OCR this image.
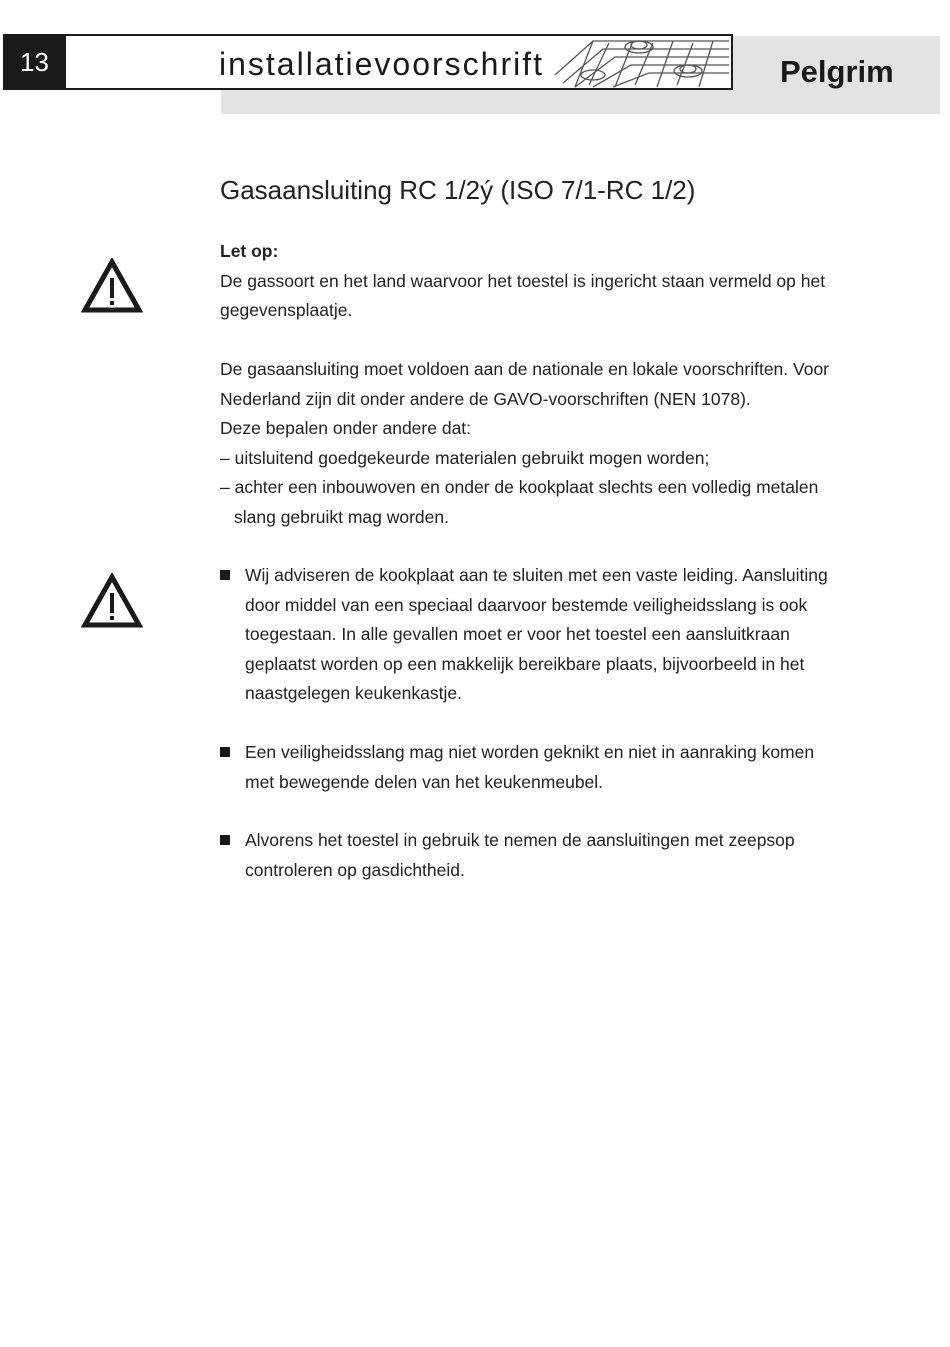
13	installatievoorschrift	Pelgrim
Gasaansluiting RC 1/2ý (ISO 7/1-RC 1/2)

Let op:

De gassoort en het land waarvoor het toestel is ingericht staan vermeld op het

gegevensplaatje.

De gasaansluiting moet voldoen aan de nationale en lokale voorschriften. Voor

Nederland zijn dit onder andere de GAVO-voorschriften (NEN 1078).

Deze bepalen onder andere dat:

– uitsluitend goedgekeurde materialen gebruikt mogen worden;

– achter een inbouwoven en onder de kookplaat slechts een volledig metalen

slang gebruikt mag worden.

Wij adviseren de kookplaat aan te sluiten met een vaste leiding. Aansluiting

door middel van een speciaal daarvoor bestemde veiligheidsslang is ook

toegestaan. In alle gevallen moet er voor het toestel een aansluitkraan

geplaatst worden op een makkelijk bereikbare plaats, bijvoorbeeld in het

naastgelegen keukenkastje.

Een veiligheidsslang mag niet worden geknikt en niet in aanraking komen

met bewegende delen van het keukenmeubel.

Alvorens het toestel in gebruik te nemen de aansluitingen met zeepsop

controleren op gasdichtheid.
